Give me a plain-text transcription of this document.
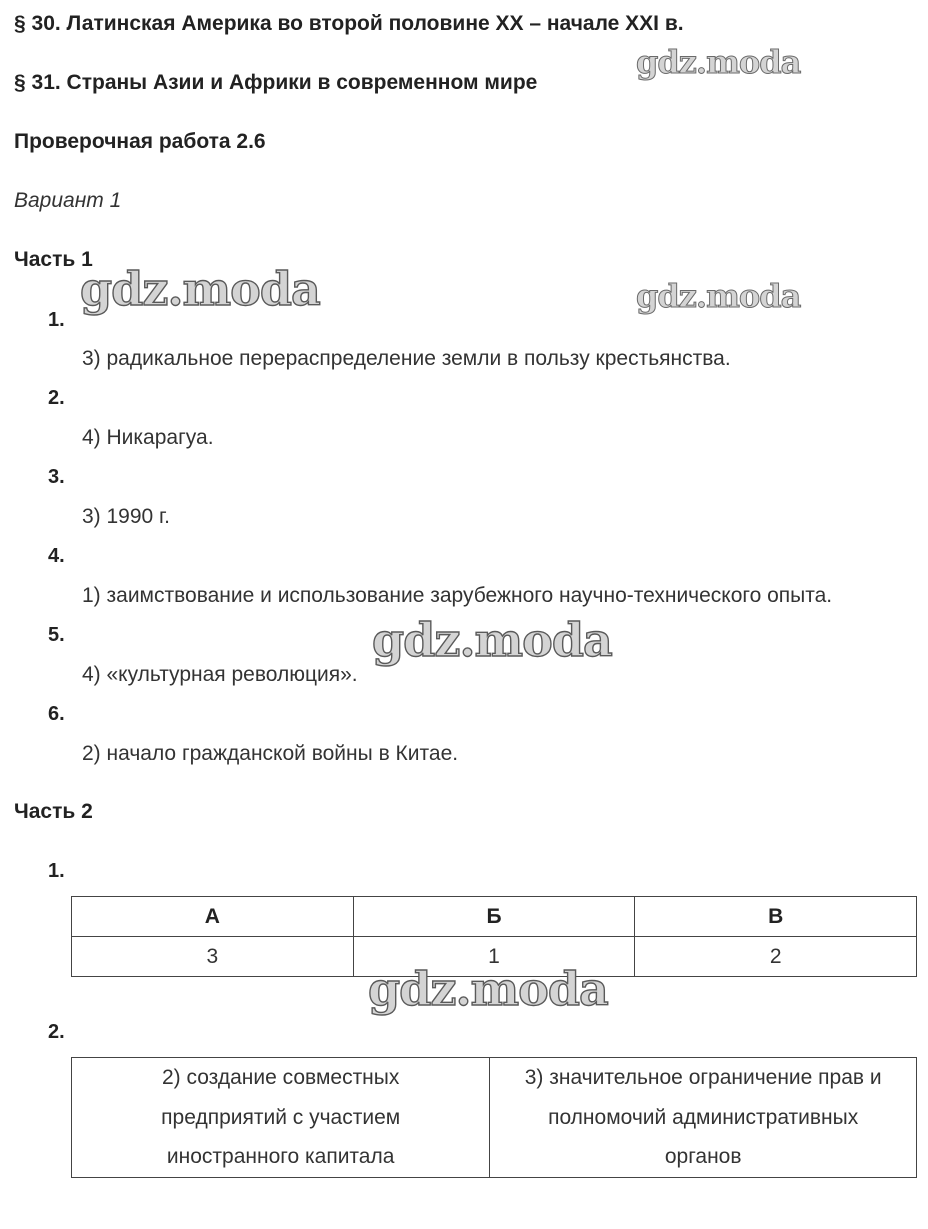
§ 30. Латинская Америка во второй половине XX – начале XXI в.
§ 31. Страны Азии и Африки в современном мире
Проверочная работа 2.6
Вариант 1
Часть 1
1.
3) радикальное перераспределение земли в пользу крестьянства.
2.
4) Никарагуа.
3.
3) 1990 г.
4.
1) заимствование и использование зарубежного научно-технического опыта.
5.
4) «культурная революция».
6.
2) начало гражданской войны в Китае.
Часть 2
1.
А	Б	В
3	1	2
2.
2) создание совместных
предприятий с участием
иностранного капитала

3) значительное ограничение прав и
полномочий административных
органов
gdz.moda
gdz.moda	gdz.moda
gdz.moda
gdz.moda
